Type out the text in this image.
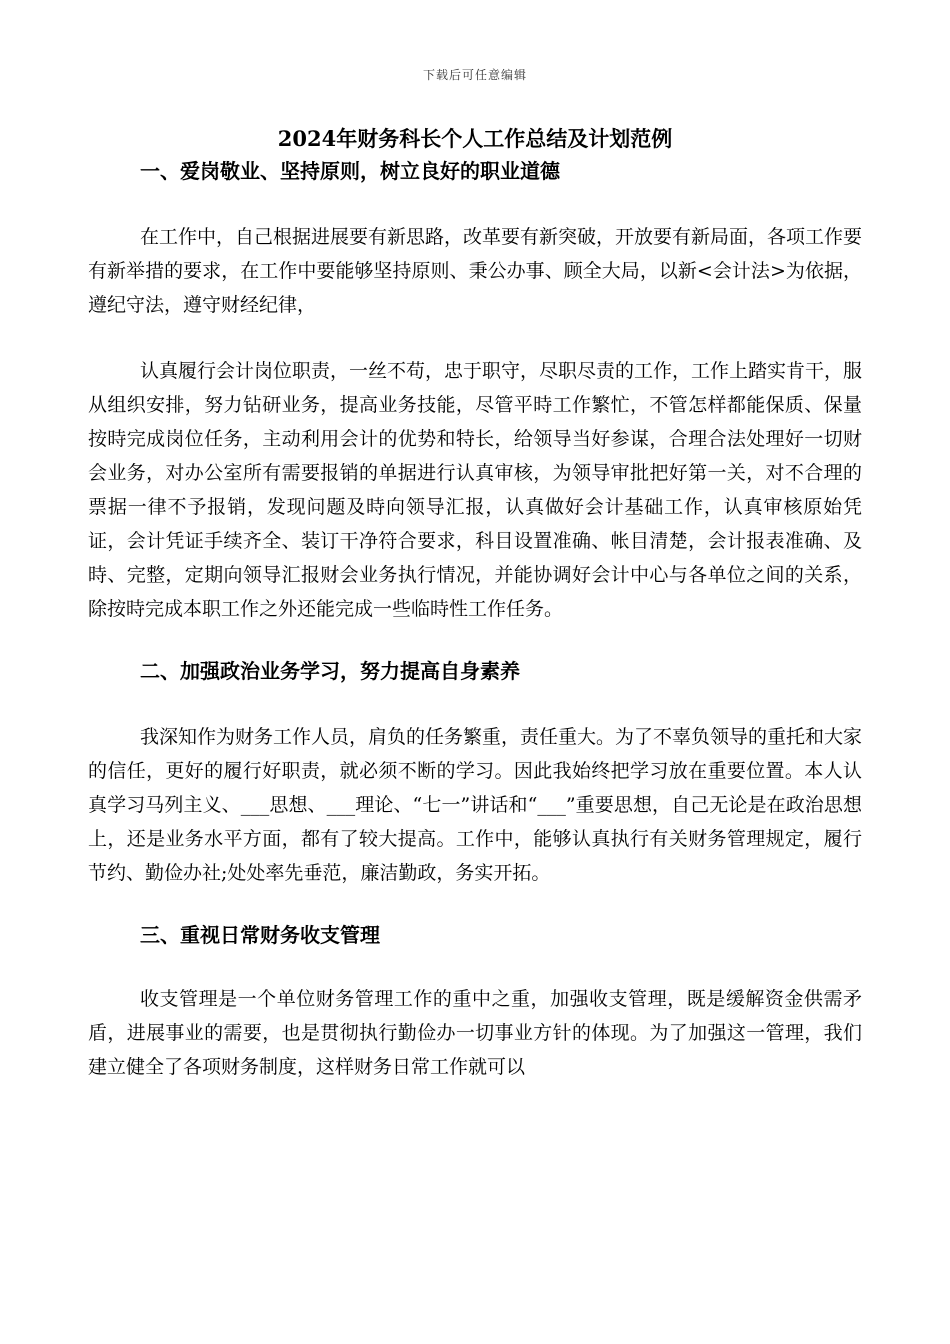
下载后可任意编辑
2024年财务科长个人工作总结及计划范例
一、爱岗敬业、坚持原则，树立良好的职业道德

在工作中，自己根据进展要有新思路，改革要有新突破，开放要有新局面，各项工作要有新举措的要求，在工作中要能够坚持原则、秉公办事、顾全大局，以新<会计法>为依据，遵纪守法，遵守财经纪律，

认真履行会计岗位职责，一丝不苟，忠于职守，尽职尽责的工作，工作上踏实肯干，服从组织安排，努力钻研业务，提高业务技能，尽管平時工作繁忙，不管怎样都能保质、保量按時完成岗位任务，主动利用会计的优势和特长，给领导当好参谋，合理合法处理好一切财会业务，对办公室所有需要报销的单据进行认真审核，为领导审批把好第一关，对不合理的票据一律不予报销，发现问题及時向领导汇报，认真做好会计基础工作，认真审核原始凭证，会计凭证手续齐全、装订干净符合要求，科目设置准确、帐目清楚，会计报表准确、及時、完整，定期向领导汇报财会业务执行情况，并能协调好会计中心与各单位之间的关系，除按時完成本职工作之外还能完成一些临時性工作任务。

二、加强政治业务学习，努力提高自身素养

我深知作为财务工作人员，肩负的任务繁重，责任重大。为了不辜负领导的重托和大家的信任，更好的履行好职责，就必须不断的学习。因此我始终把学习放在重要位置。本人认真学习马列主义、___思想、___理论、“七一”讲话和“___”重要思想，自己无论是在政治思想上，还是业务水平方面，都有了较大提高。工作中，能够认真执行有关财务管理规定，履行节约、勤俭办社;处处率先垂范，廉洁勤政，务实开拓。

三、重视日常财务收支管理

收支管理是一个单位财务管理工作的重中之重，加强收支管理，既是缓解资金供需矛盾，进展事业的需要，也是贯彻执行勤俭办一切事业方针的体现。为了加强这一管理，我们建立健全了各项财务制度，这样财务日常工作就可以
